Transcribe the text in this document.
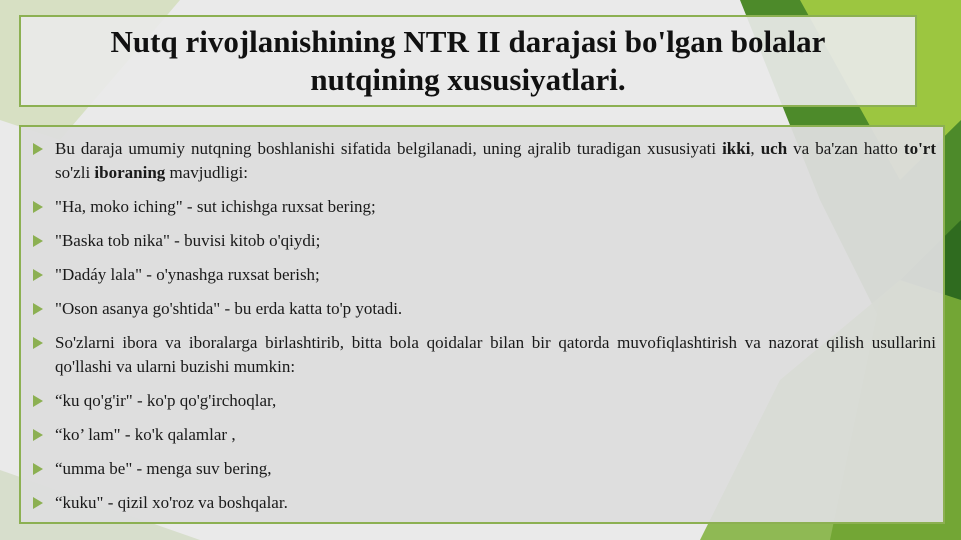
Nutq rivojlanishining NTR II darajasi bo'lgan bolalar nutqining xususiyatlari.
Bu daraja umumiy nutqning boshlanishi sifatida belgilanadi, uning ajralib turadigan xususiyati ikki, uch va ba'zan hatto to'rt so'zli iboraning mavjudligi:
"Ha, moko iching" - sut ichishga ruxsat bering;
"Baska tob nika" - buvisi kitob o'qiydi;
"Dadáy lala" - o'ynashga ruxsat berish;
"Oson asanya go'shtida" - bu erda katta to'p yotadi.
So'zlarni ibora va iboralarga birlashtirib, bitta bola qoidalar bilan bir qatorda muvofiqlashtirish va nazorat qilish usullarini qo'llashi va ularni buzishi mumkin:
“ku qo'g'ir" - ko'p qo'g'irchoqlar,
“ko’ lam" - ko'k qalamlar ,
“umma be" - menga suv bering,
“kuku" - qizil xo'roz va boshqalar.
